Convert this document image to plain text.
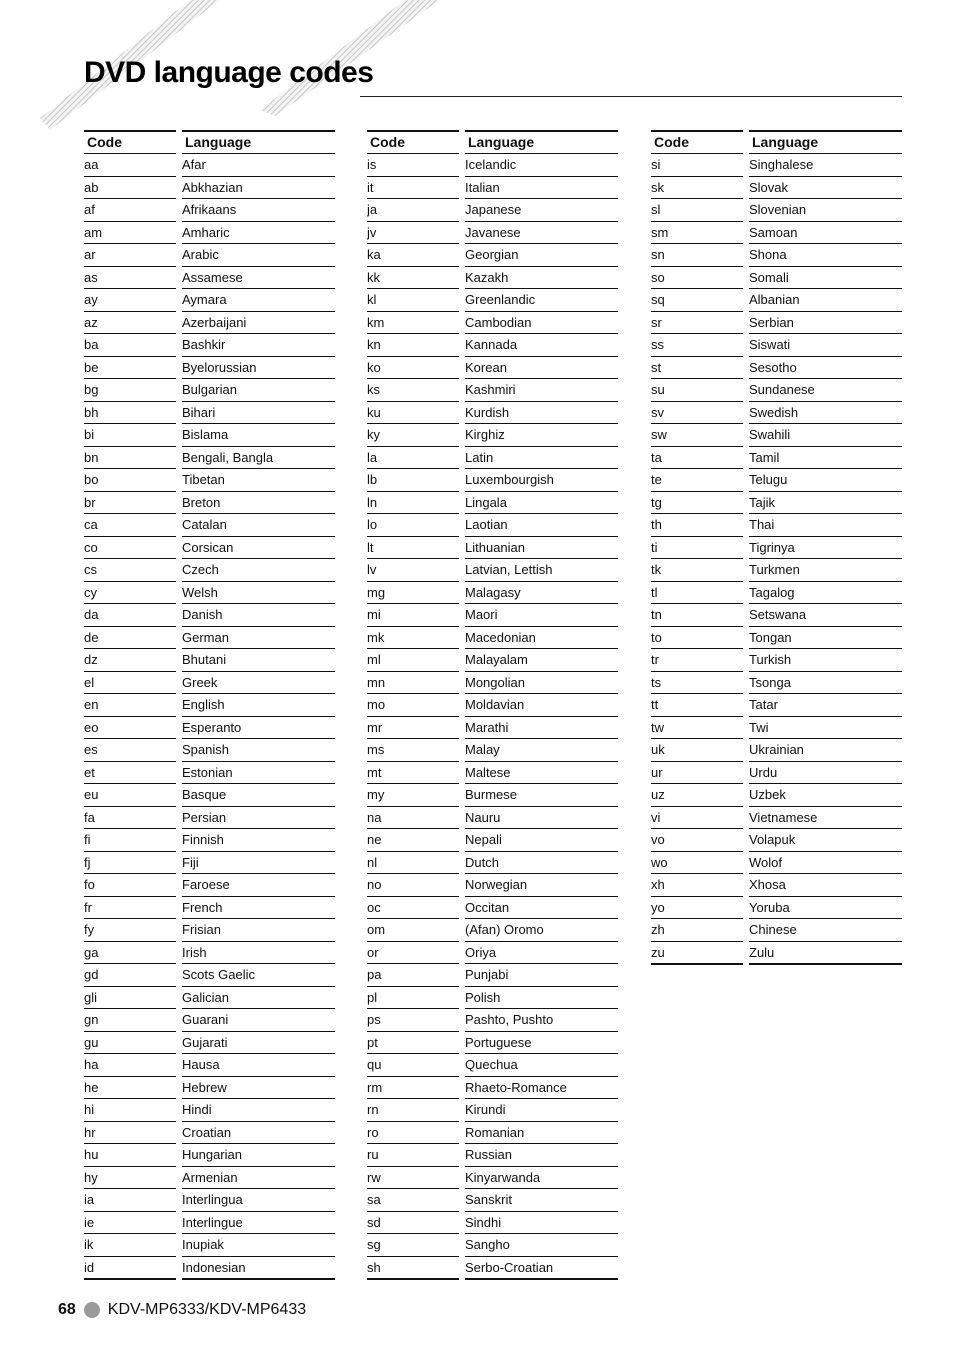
DVD language codes
Code		Language
aa		Afar
ab		Abkhazian
af		Afrikaans
am		Amharic
ar		Arabic
as		Assamese
ay		Aymara
az		Azerbaijani
ba		Bashkir
be		Byelorussian
bg		Bulgarian
bh		Bihari
bi		Bislama
bn		Bengali, Bangla
bo		Tibetan
br		Breton
ca		Catalan
co		Corsican
cs		Czech
cy		Welsh
da		Danish
de		German
dz		Bhutani
el		Greek
en		English
eo		Esperanto
es		Spanish
et		Estonian
eu		Basque
fa		Persian
fi		Finnish
fj		Fiji
fo		Faroese
fr		French
fy		Frisian
ga		Irish
gd		Scots Gaelic
gli		Galician
gn		Guarani
gu		Gujarati
ha		Hausa
he		Hebrew
hi		Hindi
hr		Croatian
hu		Hungarian
hy		Armenian
ia		Interlingua
ie		Interlingue
ik		Inupiak
id		Indonesian
Code		Language
is		Icelandic
it		Italian
ja		Japanese
jv		Javanese
ka		Georgian
kk		Kazakh
kl		Greenlandic
km		Cambodian
kn		Kannada
ko		Korean
ks		Kashmiri
ku		Kurdish
ky		Kirghiz
la		Latin
lb		Luxembourgish
ln		Lingala
lo		Laotian
lt		Lithuanian
lv		Latvian, Lettish
mg		Malagasy
mi		Maori
mk		Macedonian
ml		Malayalam
mn		Mongolian
mo		Moldavian
mr		Marathi
ms		Malay
mt		Maltese
my		Burmese
na		Nauru
ne		Nepali
nl		Dutch
no		Norwegian
oc		Occitan
om		(Afan) Oromo
or		Oriya
pa		Punjabi
pl		Polish
ps		Pashto, Pushto
pt		Portuguese
qu		Quechua
rm		Rhaeto-Romance
rn		Kirundi
ro		Romanian
ru		Russian
rw		Kinyarwanda
sa		Sanskrit
sd		Sindhi
sg		Sangho
sh		Serbo-Croatian
Code		Language
si		Singhalese
sk		Slovak
sl		Slovenian
sm		Samoan
sn		Shona
so		Somali
sq		Albanian
sr		Serbian
ss		Siswati
st		Sesotho
su		Sundanese
sv		Swedish
sw		Swahili
ta		Tamil
te		Telugu
tg		Tajik
th		Thai
ti		Tigrinya
tk		Turkmen
tl		Tagalog
tn		Setswana
to		Tongan
tr		Turkish
ts		Tsonga
tt		Tatar
tw		Twi
uk		Ukrainian
ur		Urdu
uz		Uzbek
vi		Vietnamese
vo		Volapuk
wo		Wolof
xh		Xhosa
yo		Yoruba
zh		Chinese
zu		Zulu
68 KDV-MP6333/KDV-MP6433
